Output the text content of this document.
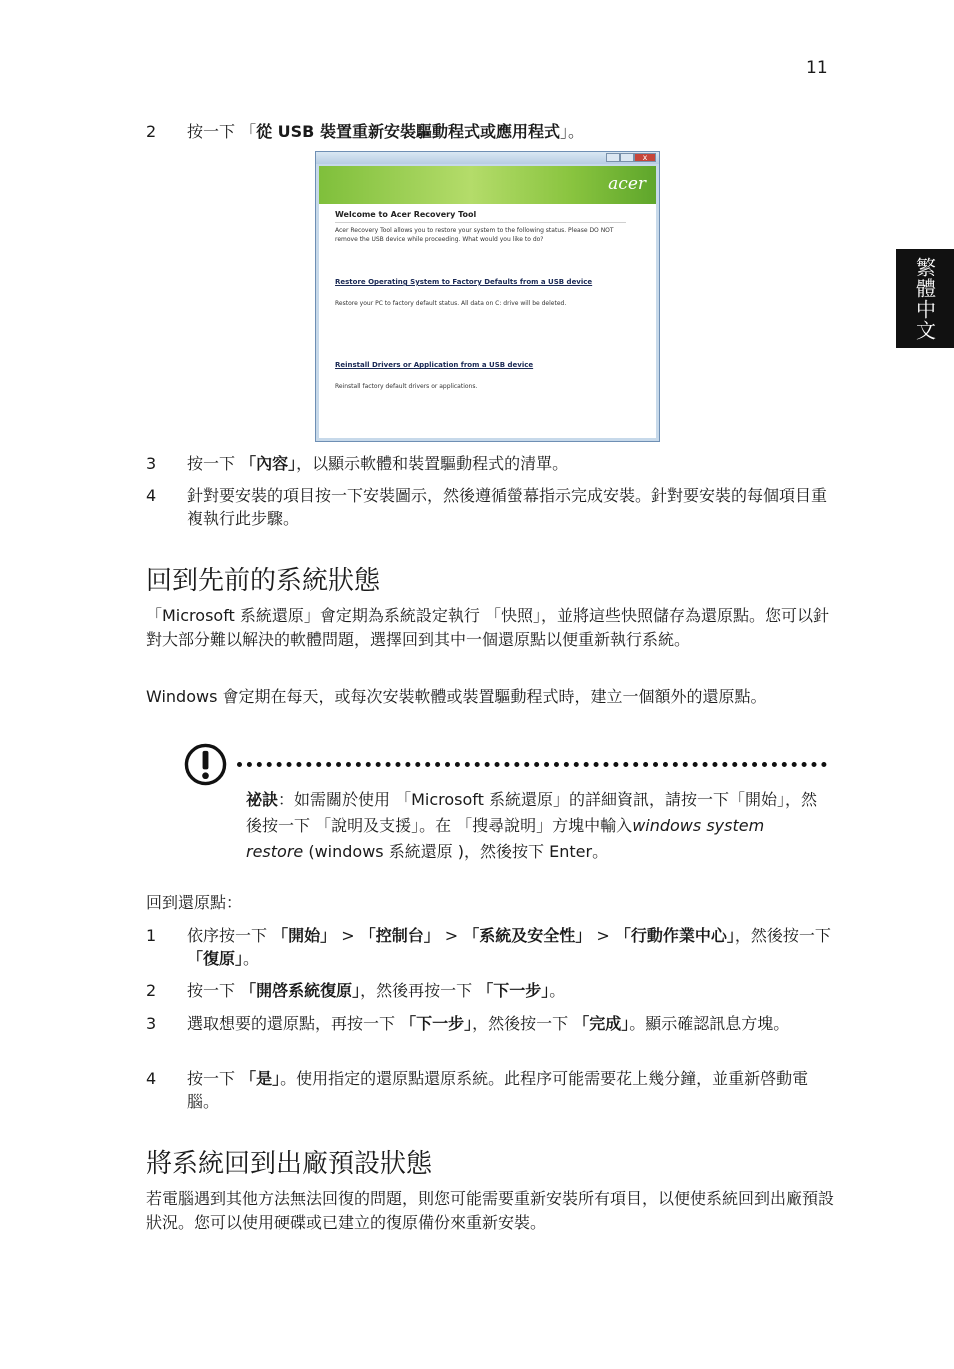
11
繁體中文
2 按一下 「從 USB 裝置重新安裝驅動程式或應用程式」。
x
acer
Welcome to Acer Recovery Tool
Acer Recovery Tool allows you to restore your system to the following status. Please DO NOT remove the USB device while proceeding. What would you like to do?
Restore Operating System to Factory Defaults from a USB device
Restore your PC to factory default status. All data on C: drive will be deleted.
Reinstall Drivers or Application from a USB device
Reinstall factory default drivers or applications.
3 按一下 「內容」，以顯示軟體和裝置驅動程式的清單。
4 針對要安裝的項目按一下安裝圖示，然後遵循螢幕指示完成安裝。針對要安裝的每個項目重複執行此步驟。
回到先前的系統狀態
「Microsoft 系統還原」會定期為系統設定執行 「快照」，並將這些快照儲存為還原點。您可以針對大部分難以解決的軟體問題，選擇回到其中一個還原點以便重新執行系統。
Windows 會定期在每天，或每次安裝軟體或裝置驅動程式時，建立一個額外的還原點。
祕訣：如需關於使用 「Microsoft 系統還原」的詳細資訊，請按一下「開始」，然後按一下 「說明及支援」。在 「搜尋說明」方塊中輸入windows system restore (windows 系統還原 )，然後按下 Enter。
回到還原點：
1 依序按一下 「開始」 > 「控制台」 > 「系統及安全性」 > 「行動作業中心」，然後按一下 「復原」。
2 按一下 「開啓系統復原」，然後再按一下 「下一步」。
3 選取想要的還原點，再按一下 「下一步」，然後按一下 「完成」。顯示確認訊息方塊。
4 按一下 「是」。使用指定的還原點還原系統。此程序可能需要花上幾分鐘，並重新啓動電腦。
將系統回到出廠預設狀態
若電腦遇到其他方法無法回復的問題，則您可能需要重新安裝所有項目，以便使系統回到出廠預設狀況。您可以使用硬碟或已建立的復原備份來重新安裝。
